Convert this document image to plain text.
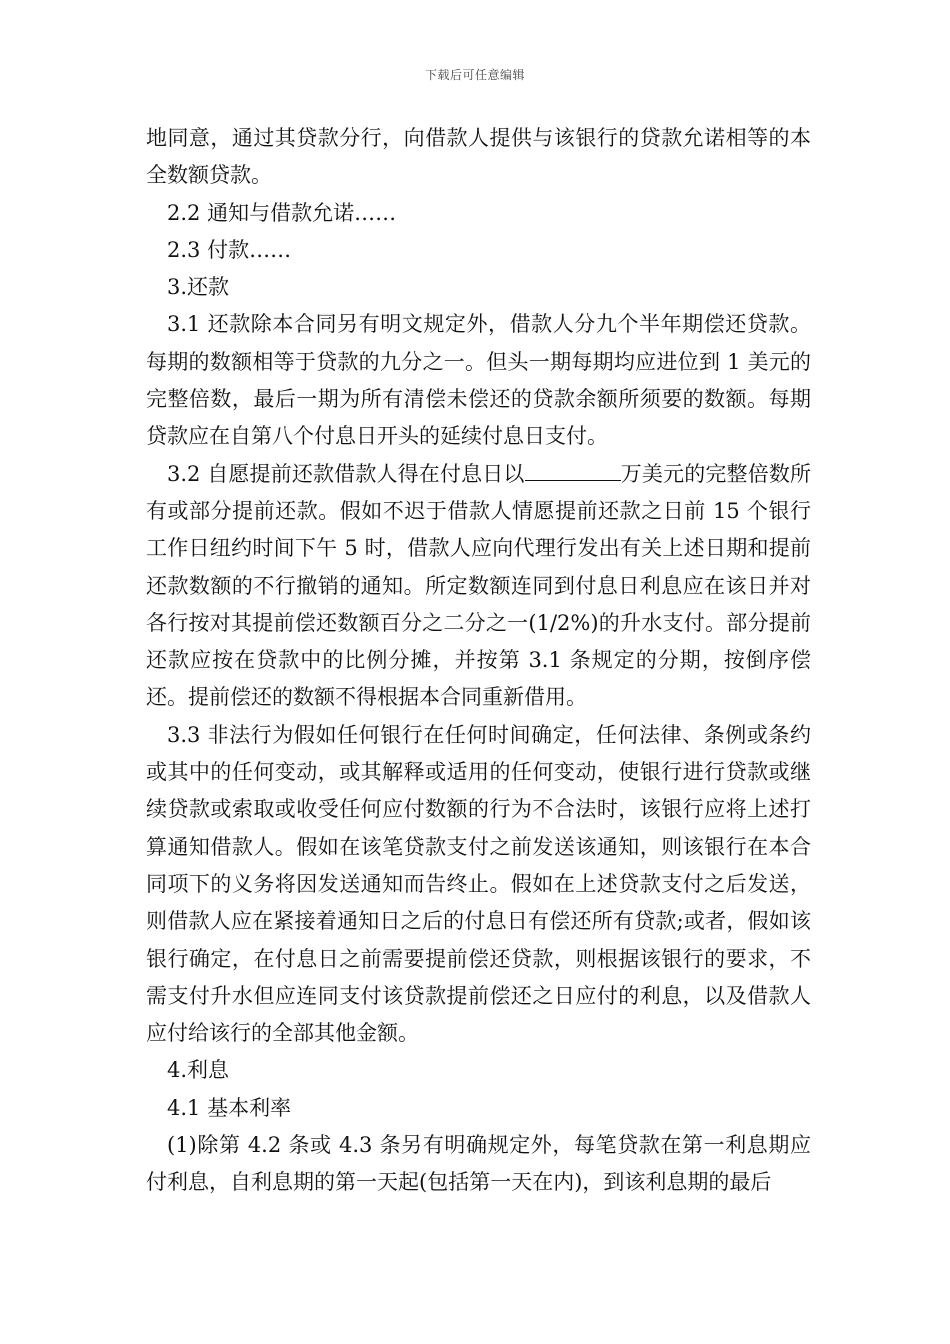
下载后可任意编辑

地同意，通过其贷款分行，向借款人提供与该银行的贷款允诺相等的本全数额贷款。

2.2 通知与借款允诺……

2.3 付款……

3.还款

3.1 还款除本合同另有明文规定外，借款人分九个半年期偿还贷款。每期的数额相等于贷款的九分之一。但头一期每期均应进位到 1 美元的完整倍数，最后一期为所有清偿未偿还的贷款余额所须要的数额。每期贷款应在自第八个付息日开头的延续付息日支付。

3.2 自愿提前还款借款人得在付息日以	万美元的完整倍数所有或部分提前还款。假如不迟于借款人情愿提前还款之日前 15 个银行工作日纽约时间下午 5 时，借款人应向代理行发出有关上述日期和提前还款数额的不行撤销的通知。所定数额连同到付息日利息应在该日并对各行按对其提前偿还数额百分之二分之一(1/2%)的升水支付。部分提前还款应按在贷款中的比例分摊，并按第 3.1 条规定的分期，按倒序偿还。提前偿还的数额不得根据本合同重新借用。

3.3 非法行为假如任何银行在任何时间确定，任何法律、条例或条约或其中的任何变动，或其解释或适用的任何变动，使银行进行贷款或继续贷款或索取或收受任何应付数额的行为不合法时，该银行应将上述打算通知借款人。假如在该笔贷款支付之前发送该通知，则该银行在本合同项下的义务将因发送通知而告终止。假如在上述贷款支付之后发送，则借款人应在紧接着通知日之后的付息日有偿还所有贷款;或者，假如该银行确定，在付息日之前需要提前偿还贷款，则根据该银行的要求，不需支付升水但应连同支付该贷款提前偿还之日应付的利息，以及借款人应付给该行的全部其他金额。

4.利息

4.1 基本利率

(1)除第 4.2 条或 4.3 条另有明确规定外，每笔贷款在第一利息期应付利息，自利息期的第一天起(包括第一天在内)，到该利息期的最后
